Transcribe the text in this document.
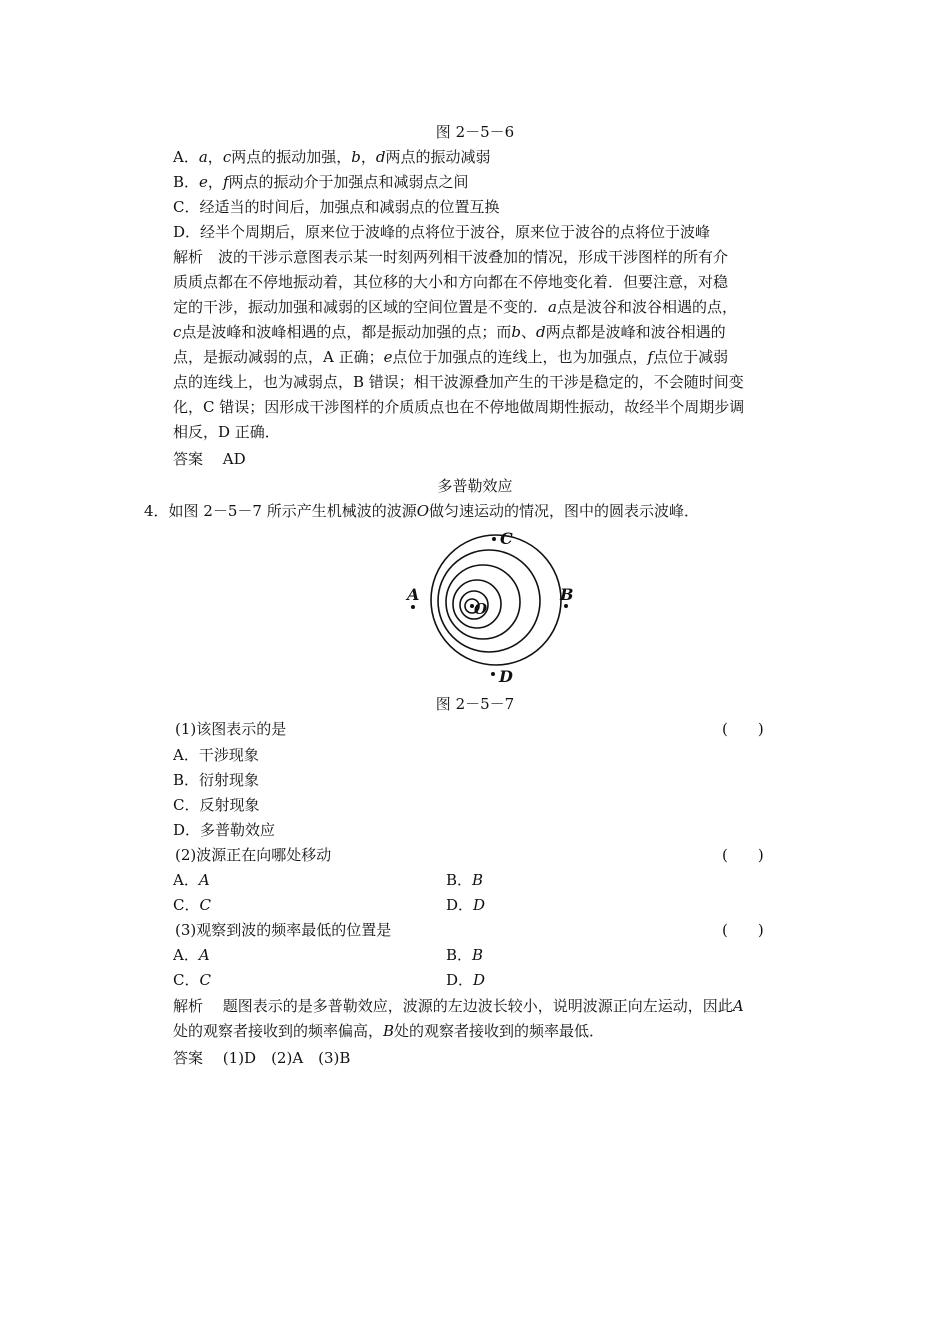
图 2－5－6
A．a，c两点的振动加强，b，d两点的振动减弱
B．e，f两点的振动介于加强点和减弱点之间
C．经适当的时间后，加强点和减弱点的位置互换
D．经半个周期后，原来位于波峰的点将位于波谷，原来位于波谷的点将位于波峰
解析　 波的干涉示意图表示某一时刻两列相干波叠加的情况，形成干涉图样的所有介
质质点都在不停地振动着，其位移的大小和方向都在不停地变化着．但要注意，对稳
定的干涉，振动加强和减弱的区域的空间位置是不变的．a点是波谷和波谷相遇的点，
c点是波峰和波峰相遇的点，都是振动加强的点；而b、d两点都是波峰和波谷相遇的
点，是振动减弱的点，A 正确；e点位于加强点的连线上，也为加强点，f点位于减弱
点的连线上，也为减弱点，B 错误；相干波源叠加产生的干涉是稳定的，不会随时间变
化，C 错误；因形成干涉图样的介质质点也在不停地做周期性振动，故经半个周期步调
相反，D 正确．
答案　 AD
多普勒效应
4．如图 2－5－7 所示产生机械波的波源O做匀速运动的情况，图中的圆表示波峰．
C
D
A	B
O
图 2－5－7
(1)该图表示的是	(　　)
A．干涉现象
B．衍射现象
C．反射现象
D．多普勒效应
(2)波源正在向哪处移动	(　　)
A．A	B．B
C．C	D．D
(3)观察到波的频率最低的位置是	(　　)
A．A	B．B
C．C	D．D
解析　 题图表示的是多普勒效应，波源的左边波长较小，说明波源正向左运动，因此A
处的观察者接收到的频率偏高，B处的观察者接收到的频率最低．
答案　 (1)D　(2)A　(3)B
